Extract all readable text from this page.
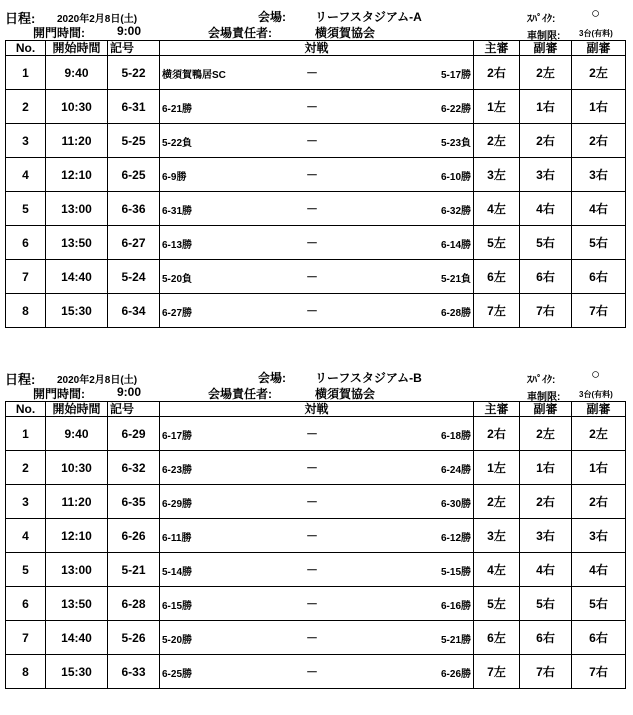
日程: 2020年2月8日(土)
開門時間:	9:00
会場: リーフスタジアム-A
会場責任者:	横須賀協会
ｽﾊﾟｲｸ: ○
車制限: 3台(有料)
No.	開始時間	記号	対戦	主審	副審	副審
1	9:40	5-22	横須賀鴨居SC － 5-17勝	2右	2左	2左
2	10:30	6-31	6-21勝 － 6-22勝	1左	1右	1右
3	11:20	5-25	5-22負 － 5-23負	2左	2右	2右
4	12:10	6-25	6-9勝 － 6-10勝	3左	3右	3右
5	13:00	6-36	6-31勝 － 6-32勝	4左	4右	4右
6	13:50	6-27	6-13勝 － 6-14勝	5左	5右	5右
7	14:40	5-24	5-20負 － 5-21負	6左	6右	6右
8	15:30	6-34	6-27勝 － 6-28勝	7左	7右	7右
日程: 2020年2月8日(土)
開門時間:	9:00
会場: リーフスタジアム-B
会場責任者:	横須賀協会
ｽﾊﾟｲｸ: ○
車制限: 3台(有料)
No.	開始時間	記号	対戦	主審	副審	副審
1	9:40	6-29	6-17勝 － 6-18勝	2右	2左	2左
2	10:30	6-32	6-23勝 － 6-24勝	1左	1右	1右
3	11:20	6-35	6-29勝 － 6-30勝	2左	2右	2右
4	12:10	6-26	6-11勝 － 6-12勝	3左	3右	3右
5	13:00	5-21	5-14勝 － 5-15勝	4左	4右	4右
6	13:50	6-28	6-15勝 － 6-16勝	5左	5右	5右
7	14:40	5-26	5-20勝 － 5-21勝	6左	6右	6右
8	15:30	6-33	6-25勝 － 6-26勝	7左	7右	7右
